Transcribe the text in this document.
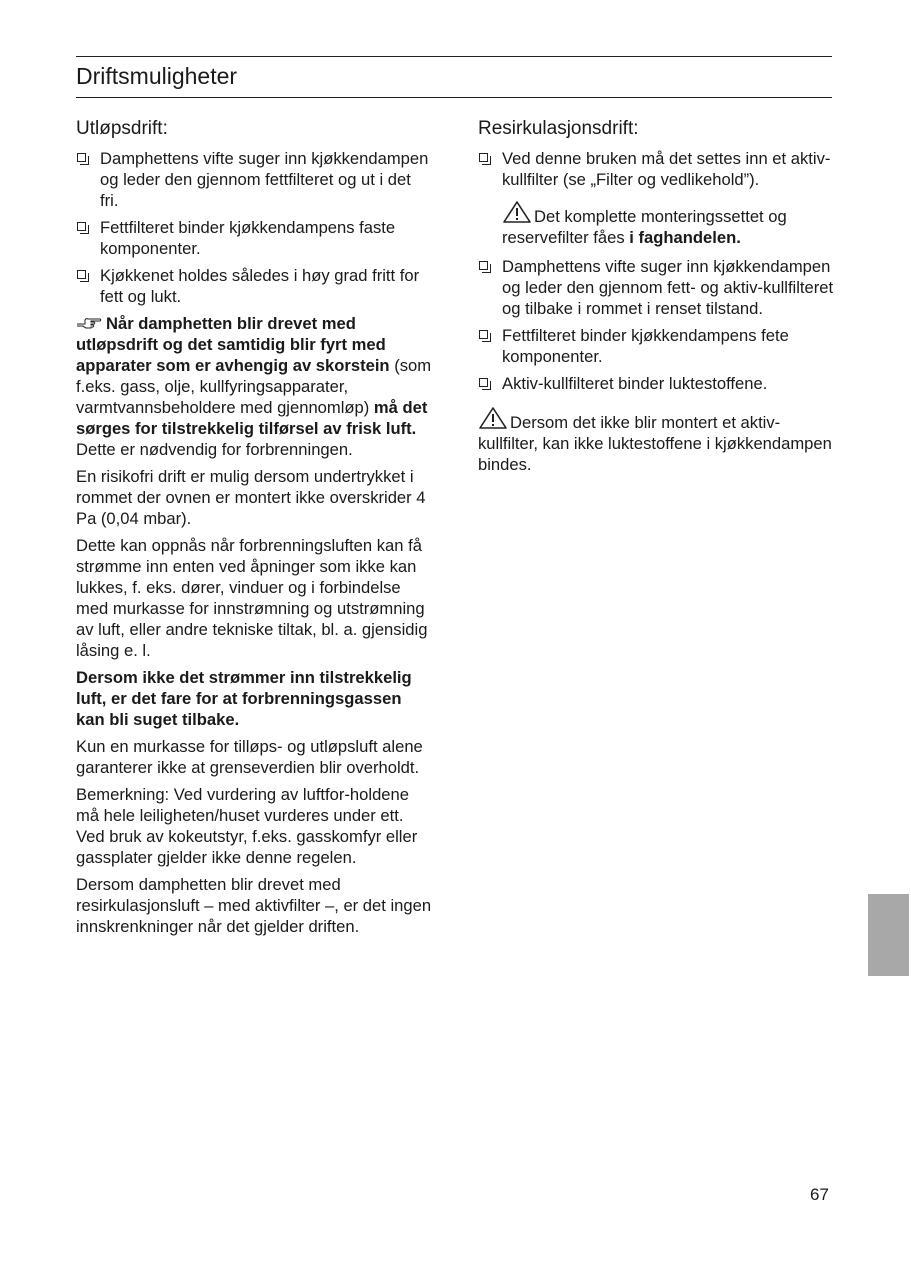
Driftsmuligheter
Utløpsdrift:
Damphettens vifte suger inn kjøkkendampen og leder den gjennom fettfilteret og ut i det fri.
Fettfilteret binder kjøkkendampens faste komponenter.
Kjøkkenet holdes således i høy grad fritt for fett og lukt.

Når damphetten blir drevet med utløpsdrift og det samtidig blir fyrt med apparater som er avhengig av skorstein (som f.eks. gass, olje, kullfyringsapparater, varmtvannsbeholdere med gjennomløp) må det sørges for tilstrekkelig tilførsel av frisk luft. Dette er nødvendig for forbrenningen.

En risikofri drift er mulig dersom undertrykket i rommet der ovnen er montert ikke overskrider 4 Pa (0,04 mbar).

Dette kan oppnås når forbrenningsluften kan få strømme inn enten ved åpninger som ikke kan lukkes, f. eks. dører, vinduer og i forbindelse med murkasse for innstrømning og utstrømning av luft, eller andre tekniske tiltak, bl. a. gjensidig låsing e. l.

Dersom ikke det strømmer inn tilstrekkelig luft, er det fare for at forbrenningsgassen kan bli suget tilbake.

Kun en murkasse for tilløps- og utløpsluft alene garanterer ikke at grenseverdien blir overholdt.

Bemerkning: Ved vurdering av luftfor-holdene må hele leiligheten/huset vurderes under ett. Ved bruk av kokeutstyr, f.eks. gasskomfyr eller gassplater gjelder ikke denne regelen.

Dersom damphetten blir drevet med resirkulasjonsluft – med aktivfilter –, er det ingen innskrenkninger når det gjelder driften.

Resirkulasjonsdrift:
Ved denne bruken må det settes inn et aktiv-kullfilter (se „Filter og vedlikehold”).

Det komplette monteringssettet og reservefilter fåes i faghandelen.

Damphettens vifte suger inn kjøkkendampen og leder den gjennom fett- og aktiv-kullfilteret og tilbake i rommet i renset tilstand.
Fettfilteret binder kjøkkendampens fete komponenter.
Aktiv-kullfilteret binder luktestoffene.

Dersom det ikke blir montert et aktiv-kullfilter, kan ikke luktestoffene i kjøkkendampen bindes.

67
